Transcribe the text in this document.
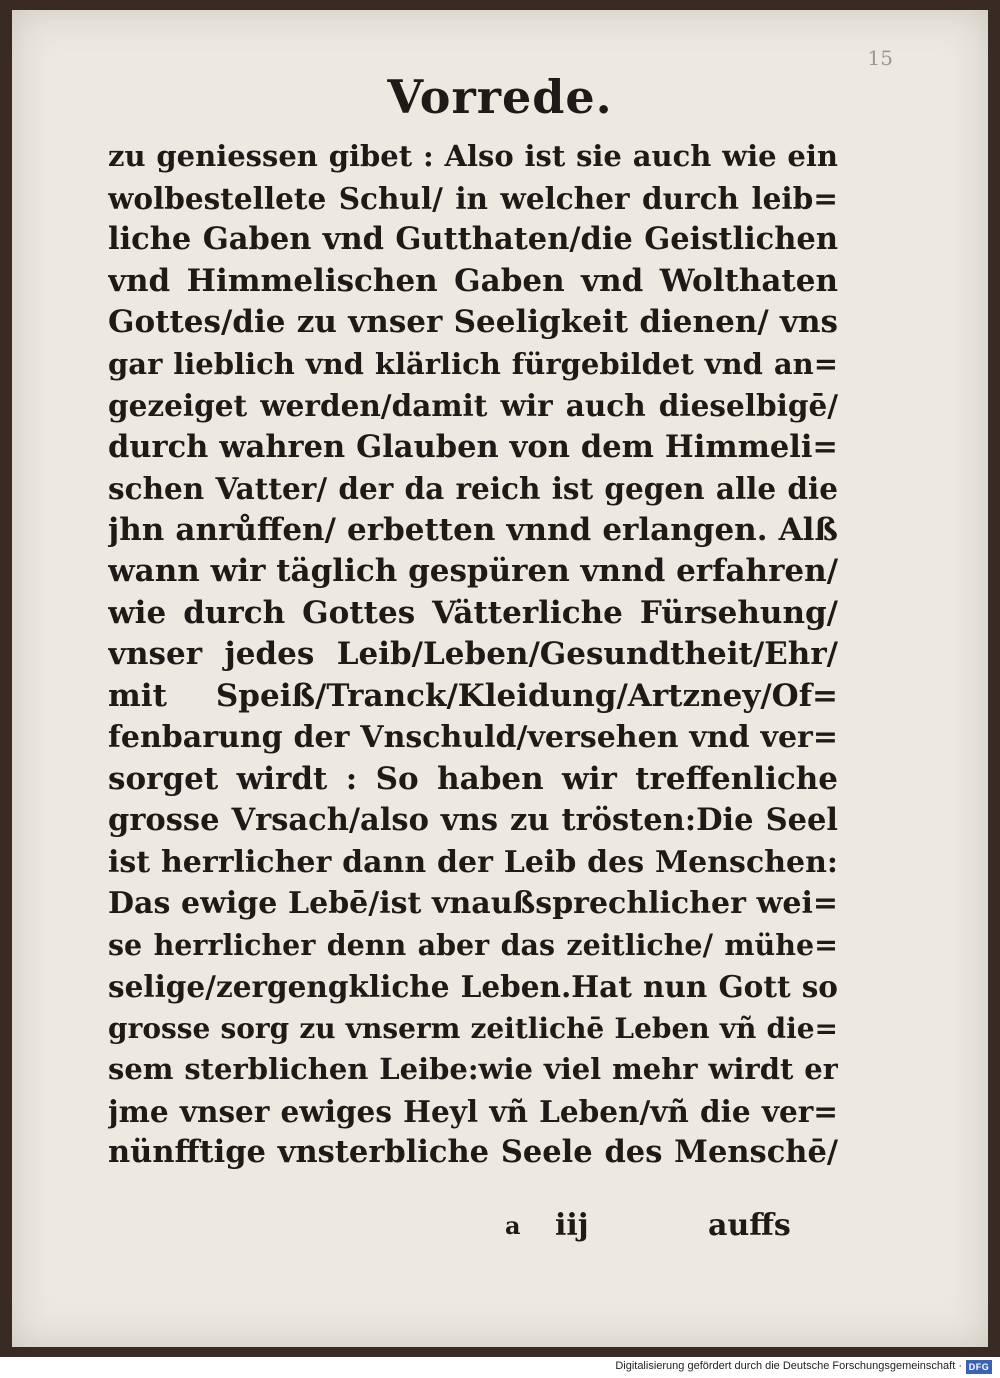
15
Vorrede.
zu geniessen gibet : Also ist sie auch wie ein
wolbestellete Schul/ in welcher durch leib=
liche Gaben vnd Gutthaten/die Geistlichen
vnd Himmelischen Gaben vnd Wolthaten
Gottes/die zu vnser Seeligkeit dienen/ vns
gar lieblich vnd klärlich fürgebildet vnd an=
gezeiget werden/damit wir auch dieselbigē/
durch wahren Glauben von dem Himmeli=
schen Vatter/ der da reich ist gegen alle die
jhn anrůffen/ erbetten vnnd erlangen. Alß
wann wir täglich gespüren vnnd erfahren/
wie durch Gottes Vätterliche Fürsehung/
vnser jedes Leib/Leben/Gesundtheit/Ehr/
mit Speiß/Tranck/Kleidung/Artzney/Of=
fenbarung der Vnschuld/versehen vnd ver=
sorget wirdt : So haben wir treffenliche
grosse Vrsach/also vns zu trösten:Die Seel
ist herrlicher dann der Leib des Menschen:
Das ewige Lebē/ist vnaußsprechlicher wei=
se herrlicher denn aber das zeitliche/ mühe=
selige/zergengkliche Leben.Hat nun Gott so
grosse sorg zu vnserm zeitlichē Leben vñ die=
sem sterblichen Leibe:wie viel mehr wirdt er
jme vnser ewiges Heyl vñ Leben/vñ die ver=
nünfftige vnsterbliche Seele des Menschē/
a iij	auffs
Digitalisierung gefördert durch die Deutsche Forschungsgemeinschaft · DFG
